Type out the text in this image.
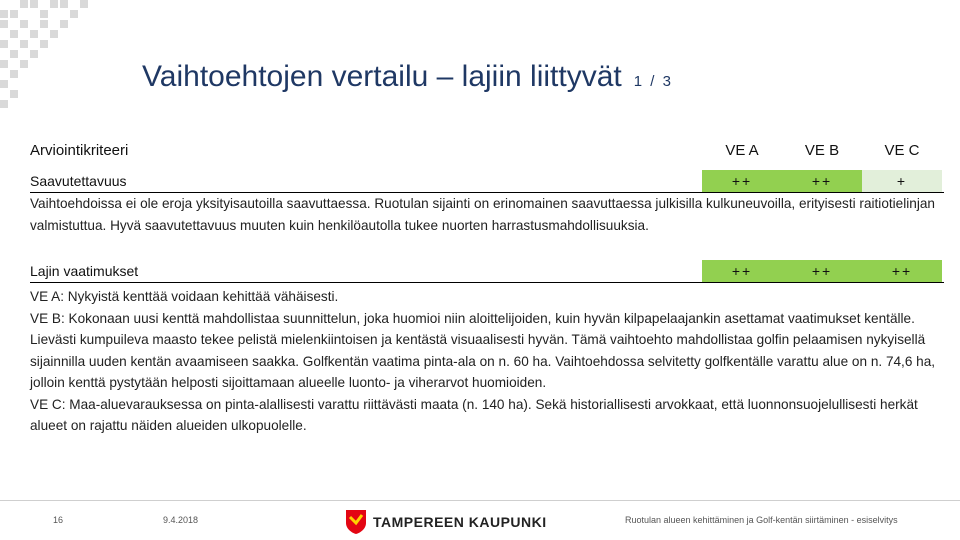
Vaihtoehtojen vertailu – lajiin liittyvät 1 / 3
Arviointikriteeri	VE A	VE B	VE C
Saavutettavuus	++	++	+
Vaihtoehdoissa ei ole eroja yksityisautoilla saavuttaessa. Ruotulan sijainti on erinomainen saavuttaessa julkisilla kulkuneuvoilla, erityisesti raitiotielinjan valmistuttua. Hyvä saavutettavuus muuten kuin henkilöautolla tukee nuorten harrastusmahdollisuuksia.
Lajin vaatimukset	++	++	++
VE A: Nykyistä kenttää voidaan kehittää vähäisesti.
VE B: Kokonaan uusi kenttä mahdollistaa suunnittelun, joka huomioi niin aloittelijoiden, kuin hyvän kilpapelaajankin asettamat vaatimukset kentälle. Lievästi kumpuileva maasto tekee pelistä mielenkiintoisen ja kentästä visuaalisesti hyvän. Tämä vaihtoehto mahdollistaa golfin pelaamisen nykyisellä sijainnilla uuden kentän avaamiseen saakka. Golfkentän vaatima pinta-ala on n. 60 ha. Vaihtoehdossa selvitetty golfkentälle varattu alue on n. 74,6 ha, jolloin kenttä pystytään helposti sijoittamaan alueelle luonto- ja viherarvot huomioiden.
VE C: Maa-aluevarauksessa on pinta-alallisesti varattu riittävästi maata (n. 140 ha). Sekä historiallisesti arvokkaat, että luonnonsuojelullisesti herkät alueet on rajattu näiden alueiden ulkopuolelle.
16	9.4.2018	TAMPEREEN KAUPUNKI	Ruotulan alueen kehittäminen ja Golf-kentän siirtäminen - esiselvitys
